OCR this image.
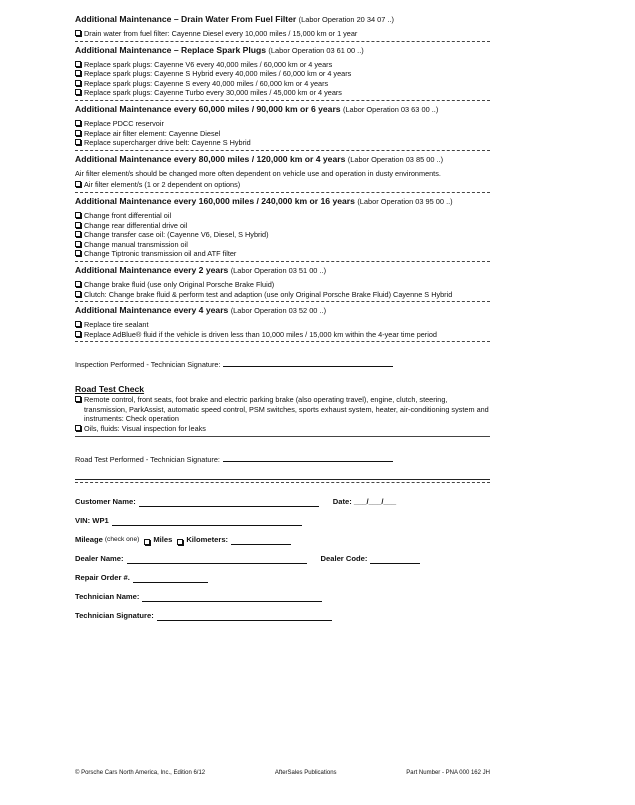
Additional Maintenance – Drain Water From Fuel Filter (Labor Operation 20 34 07 ..)
Drain water from fuel filter: Cayenne Diesel every 10,000 miles / 15,000 km or 1 year
Additional Maintenance – Replace Spark Plugs (Labor Operation 03 61 00 ..)
Replace spark plugs: Cayenne V6 every 40,000 miles / 60,000 km or 4 years
Replace spark plugs: Cayenne S Hybrid every 40,000 miles / 60,000 km or 4 years
Replace spark plugs: Cayenne S every 40,000 miles / 60,000 km or 4 years
Replace spark plugs: Cayenne Turbo every 30,000 miles / 45,000 km or 4 years
Additional Maintenance every 60,000 miles / 90,000 km or 6 years (Labor Operation 03 63 00 ..)
Replace PDCC reservoir
Replace air filter element: Cayenne Diesel
Replace supercharger drive belt: Cayenne S Hybrid
Additional Maintenance every 80,000 miles / 120,000 km or 4 years (Labor Operation 03 85 00 ..)
Air filter element/s should be changed more often dependent on vehicle use and operation in dusty environments.
Air filter element/s (1 or 2 dependent on options)
Additional Maintenance every 160,000 miles / 240,000 km or 16 years (Labor Operation 03 95 00 ..)
Change front differential oil
Change rear differential drive oil
Change transfer case oil: (Cayenne V6, Diesel, S Hybrid)
Change manual transmission oil
Change Tiptronic transmission oil and ATF filter
Additional Maintenance every 2 years (Labor Operation 03 51 00 ..)
Change brake fluid (use only Original Porsche Brake Fluid)
Clutch: Change brake fluid & perform test and adaption (use only Original Porsche Brake Fluid) Cayenne S Hybrid
Additional Maintenance every 4 years (Labor Operation 03 52 00 ..)
Replace tire sealant
Replace AdBlue® fluid if the vehicle is driven less than 10,000 miles / 15,000 km within the 4-year time period
Inspection Performed - Technician Signature:
Road Test Check
Remote control, front seats, foot brake and electric parking brake (also operating travel), engine, clutch, steering, transmission, ParkAssist, automatic speed control, PSM switches, sports exhaust system, heater, air-conditioning system and instruments: Check operation
Oils, fluids: Visual inspection for leaks
Road Test Performed - Technician Signature:
Customer Name:	Date: ___/___/___
VIN: WP1
Mileage (check one) Miles Kilometers:
Dealer Name:	Dealer Code:
Repair Order #.
Technician Name:
Technician Signature:
© Porsche Cars North America, Inc., Edition 6/12	AfterSales Publications	Part Number - PNA 000 162 JH
